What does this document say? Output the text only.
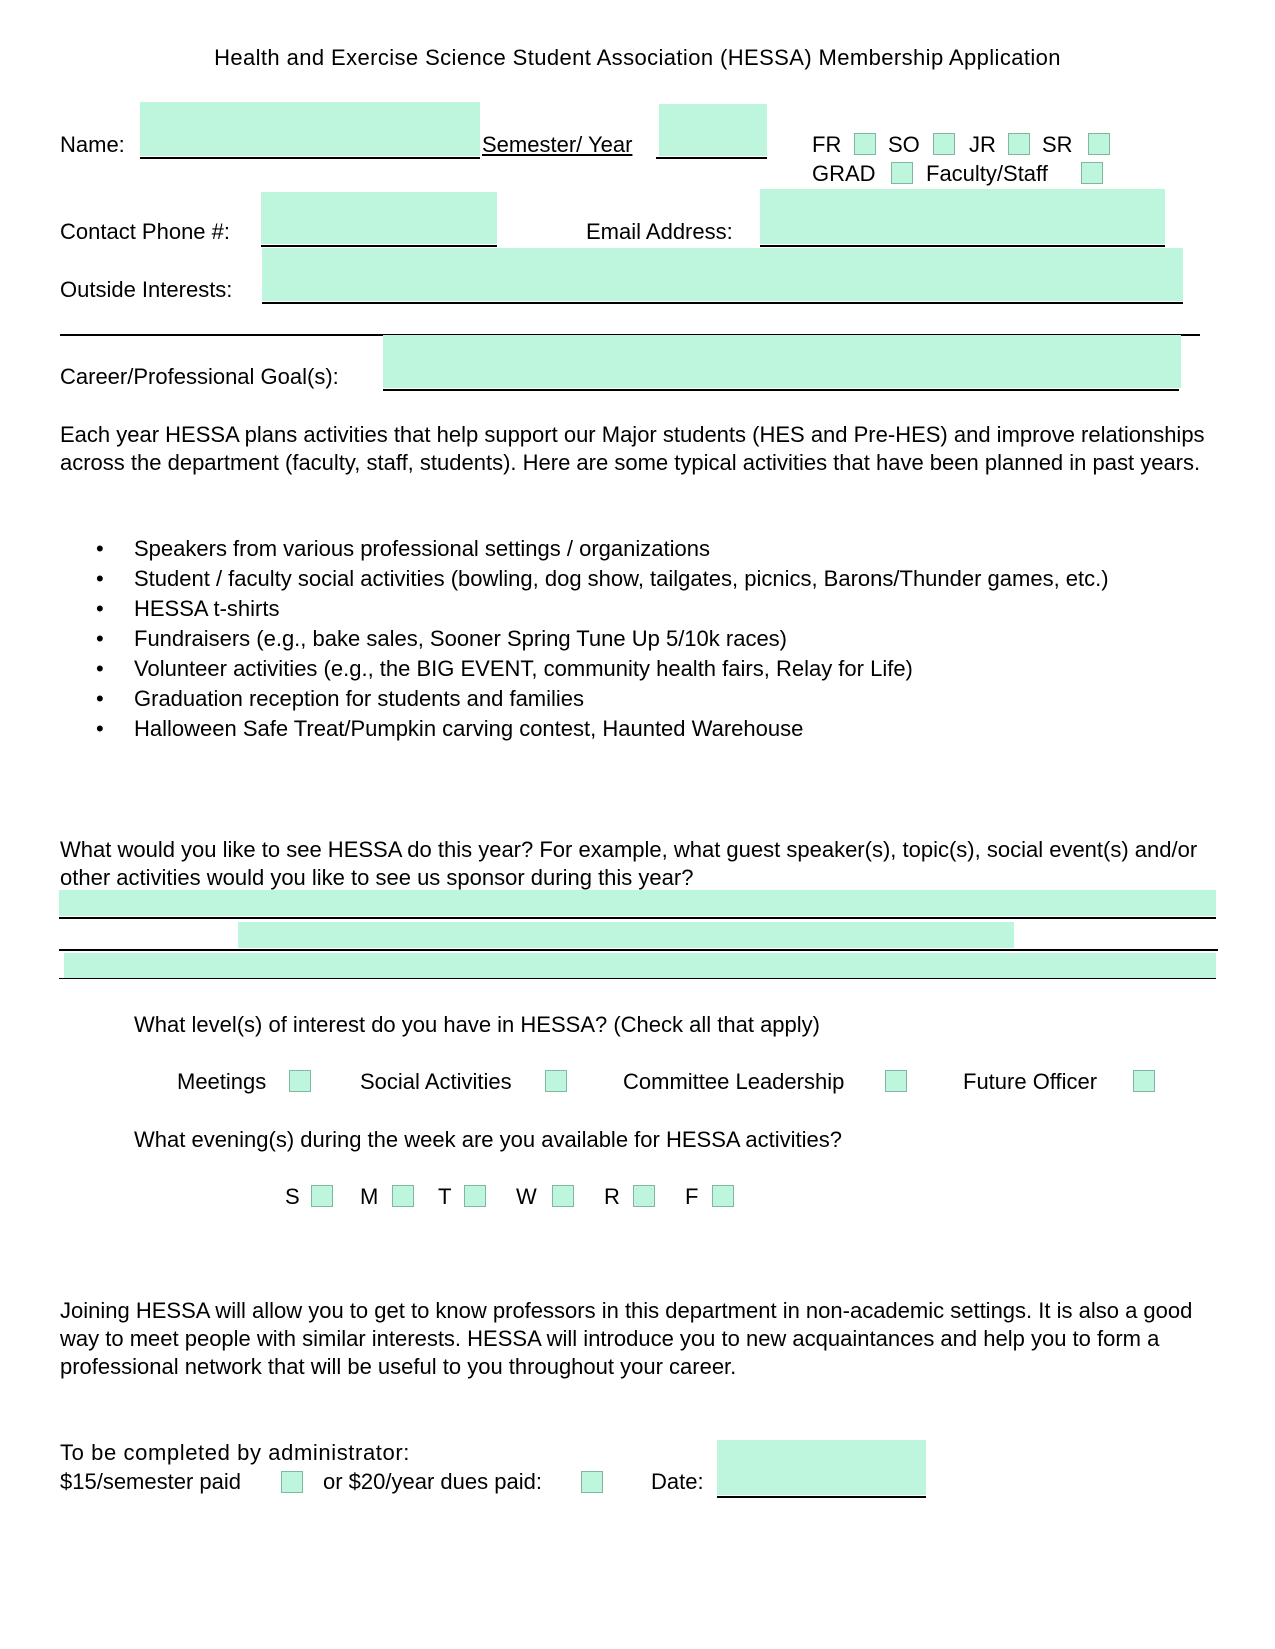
Health and Exercise Science Student Association (HESSA) Membership Application
Name:	Semester/ Year	FR SO JR SR
GRAD Faculty/Staff
Contact Phone #:	Email Address:
Outside Interests:
Career/Professional Goal(s):
Each year HESSA plans activities that help support our Major students (HES and Pre-HES) and improve relationships across the department (faculty, staff, students). Here are some typical activities that have been planned in past years.
• Speakers from various professional settings / organizations
• Student / faculty social activities (bowling, dog show, tailgates, picnics, Barons/Thunder games, etc.)
• HESSA t-shirts
• Fundraisers (e.g., bake sales, Sooner Spring Tune Up 5/10k races)
• Volunteer activities (e.g., the BIG EVENT, community health fairs, Relay for Life)
• Graduation reception for students and families
• Halloween Safe Treat/Pumpkin carving contest, Haunted Warehouse
What would you like to see HESSA do this year? For example, what guest speaker(s), topic(s), social event(s) and/or other activities would you like to see us sponsor during this year?
What level(s) of interest do you have in HESSA? (Check all that apply)
Meetings	Social Activities	Committee Leadership	Future Officer
What evening(s) during the week are you available for HESSA activities?
S	M	T	W	R	F
Joining HESSA will allow you to get to know professors in this department in non-academic settings. It is also a good way to meet people with similar interests. HESSA will introduce you to new acquaintances and help you to form a professional network that will be useful to you throughout your career.
To be completed by administrator:
$15/semester paid	or $20/year dues paid:	Date:
